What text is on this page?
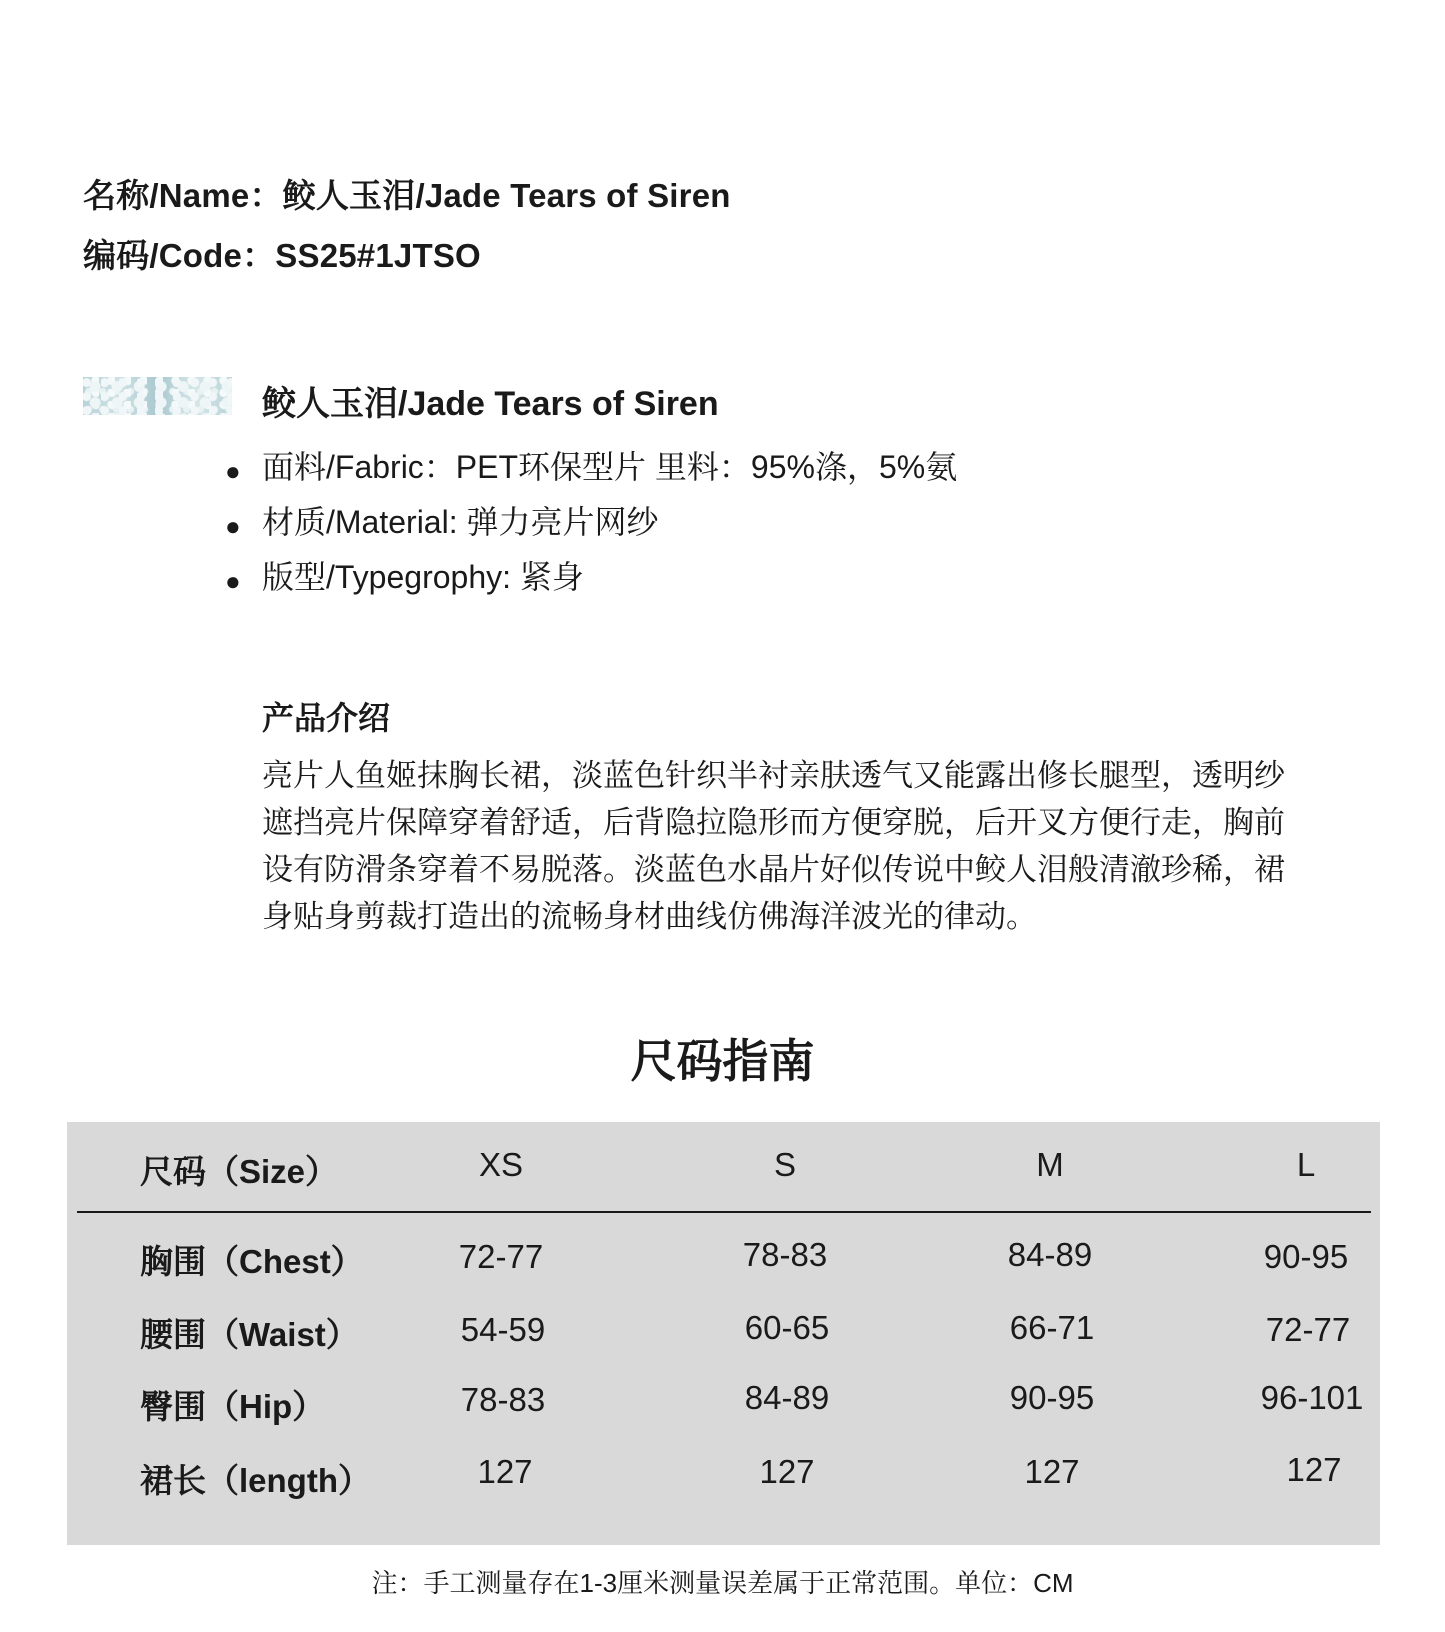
名称/Name：鲛人玉泪/Jade Tears of Siren
编码/Code：SS25#1JTSO
鲛人玉泪/Jade Tears of Siren
● 面料/Fabric：PET环保型片 里料：95%涤，5%氨
● 材质/Material: 弹力亮片网纱
● 版型/Typegrophy: 紧身
产品介绍
亮片人鱼姬抹胸长裙，淡蓝色针织半衬亲肤透气又能露出修长腿型，透明纱
遮挡亮片保障穿着舒适，后背隐拉隐形而方便穿脱，后开叉方便行走，胸前
设有防滑条穿着不易脱落。淡蓝色水晶片好似传说中鲛人泪般清澈珍稀，裙
身贴身剪裁打造出的流畅身材曲线仿佛海洋波光的律动。
尺码指南
尺码（Size）	XS	S	M	L
胸围（Chest）	72-77	78-83	84-89	90-95
腰围（Waist）	54-59	60-65	66-71	72-77
臀围（Hip）	78-83	84-89	90-95	96-101
裙长（length）	127	127	127	127
注：手工测量存在1-3厘米测量误差属于正常范围。单位：CM
